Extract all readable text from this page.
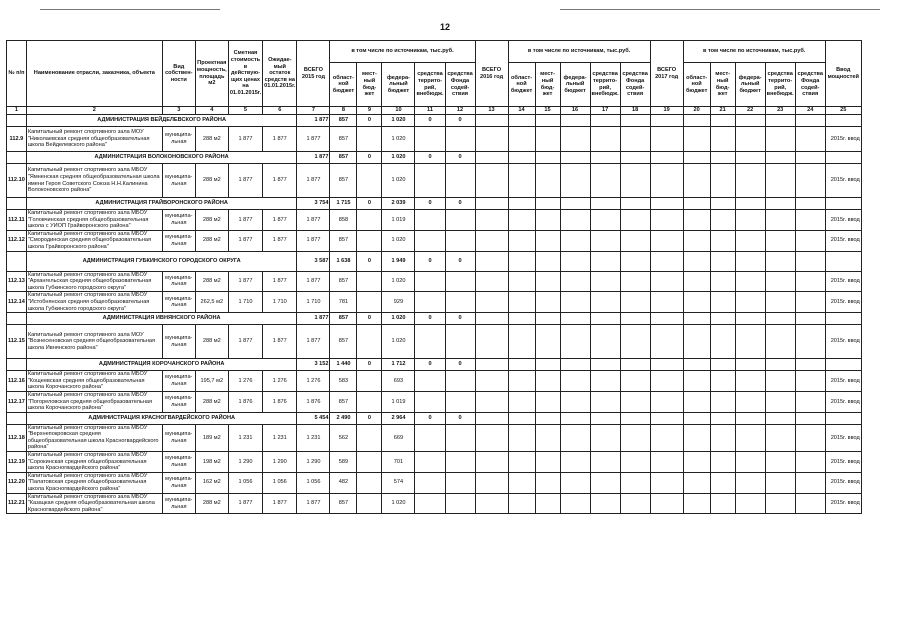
12
№ п/п	Наименование отрасли, заказчика, объекта	Вид собствен-ности	Проектная мощность, площадь м2	Сметная стоимость в действую-щих ценах на 01.01.2015г.	Ожидае-мый остаток средств на 01.01.2015г.	ВСЕГО 2015 год	в том числе по источникам, тыс.руб.					ВСЕГО 2016 год	в том числе по источникам, тыс.руб.					ВСЕГО 2017 год	в том числе по источникам, тыс.руб.					Ввод мощностей
							област-ной бюджет	мест-ный бюд-жет	федера-льный бюджет	средства террито-рий, внебюдж.	средства Фонда содей-ствия		област-ной бюджет	мест-ный бюд-жет	федера-льный бюджет	средства террито-рий, внебюдж.	средства Фонда содей-ствия		област-ной бюджет	мест-ный бюд-жет	федера-льный бюджет	средства террито-рий, внебюдж.	средства Фонда содей-ствия	
1	2	3	4	5	6	7	8	9	10	11	12	13	14	15	16	17	18	19	20	21	22	23	24	25
	АДМИНИСТРАЦИЯ ВЕЙДЕЛЕВСКОГО РАЙОНА					1 877	857	0	1 020	0	0													
112.9	Капитальный ремонт спортивного зала МОУ "Николаевская средняя общеобразовательная школа Вейделевского района"	муниципа-льная	288 м2	1 877	1 877	1 877	857		1 020															2015г. ввод
	АДМИНИСТРАЦИЯ ВОЛОКОНОВСКОГО РАЙОНА					1 877	857	0	1 020	0	0													
112.10	Капитальный ремонт спортивного зала МБОУ "Ямненская средняя общеобразовательная школа имени Героя Советского Союза Н.Н.Калинина Волоконовского района"	муниципа-льная	288 м2	1 877	1 877	1 877	857		1 020															2015г. ввод
	АДМИНИСТРАЦИЯ ГРАЙВОРОНСКОГО РАЙОНА					3 754	1 715	0	2 039	0	0													
112.11	Капитальный ремонт спортивного зала МБОУ "Головчинская средняя общеобразовательная школа с УИОП Грайворонского района"	муниципа-льная	288 м2	1 877	1 877	1 877	858		1 019															2015г. ввод
112.12	Капитальный ремонт спортивного зала МБОУ "Смородинская средняя общеобразовательная школа Грайворонского района"	муниципа-льная	288 м2	1 877	1 877	1 877	857		1 020															2015г. ввод
	АДМИНИСТРАЦИЯ ГУБКИНСКОГО ГОРОДСКОГО ОКРУГА					3 587	1 638	0	1 949	0	0													
112.13	Капитальный ремонт спортивного зала МБОУ "Архангельская средняя общеобразовательная школа Губкинского городского округа"	муниципа-льная	288 м2	1 877	1 877	1 877	857		1 020															2015г. ввод
112.14	Капитальный ремонт спортивного зала МБОУ "Истобнянская средняя общеобразовательная школа Губкинского городского округа"	муниципа-льная	262,5 м2	1 710	1 710	1 710	781		929															2015г. ввод
	АДМИНИСТРАЦИЯ ИВНЯНСКОГО РАЙОНА					1 877	857	0	1 020	0	0													
112.15	Капитальный ремонт спортивного зала МОУ "Вознесеновская средняя общеобразовательная школа Ивнянского района"	муниципа-льная	288 м2	1 877	1 877	1 877	857		1 020															2015г. ввод
	АДМИНИСТРАЦИЯ КОРОЧАНСКОГО РАЙОНА					3 152	1 440	0	1 712	0	0													
112.16	Капитальный ремонт спортивного зала МБОУ "Кощеевская средняя общеобразовательная школа Корочанского района"	муниципа-льная	195,7 м2	1 276	1 276	1 276	583		693															2015г. ввод
112.17	Капитальный ремонт спортивного зала МБОУ "Погореловская средняя общеобразовательная школа Корочанского района"	муниципа-льная	288 м2	1 876	1 876	1 876	857		1 019															2015г. ввод
	АДМИНИСТРАЦИЯ КРАСНОГВАРДЕЙСКОГО РАЙОНА					5 454	2 490	0	2 964	0	0													
112.18	Капитальный ремонт спортивного зала МБОУ "Верхнепокровская средняя общеобразовательная школа Красногвардейского района"	муниципа-льная	189 м2	1 231	1 231	1 231	562		669															2015г. ввод
112.19	Капитальный ремонт спортивного зала МБОУ "Сорокинская средняя общеобразовательная школа Красногвардейского района"	муниципа-льная	198 м2	1 290	1 290	1 290	589		701															2015г. ввод
112.20	Капитальный ремонт спортивного зала МБОУ "Палатовская средняя общеобразовательная школа Красногвардейского района"	муниципа-льная	162 м2	1 056	1 056	1 056	482		574															2015г. ввод
112.21	Капитальный ремонт спортивного зала МБОУ "Казацкая средняя общеобразовательная школа Красногвардейского района"	муниципа-льная	288 м2	1 877	1 877	1 877	857		1 020															2015г. ввод
